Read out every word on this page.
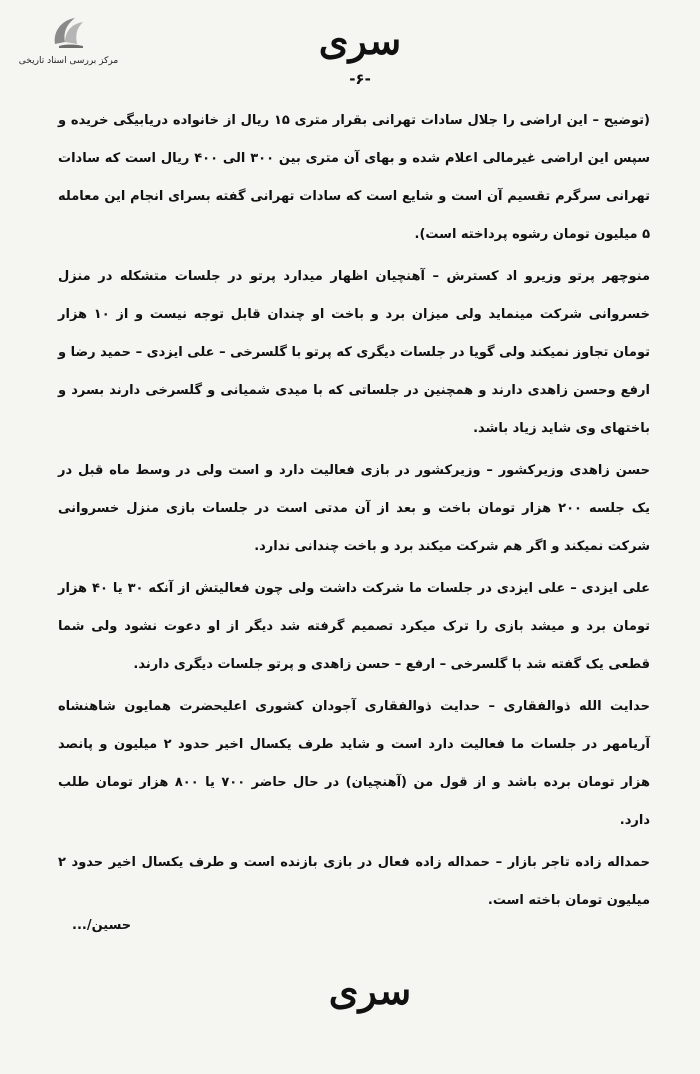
مرکز بررسی اسناد تاریخی	سری
-۶-

(توضیح – این اراضی را جلال سادات تهرانی بقرار متری ۱۵ ریال از خانواده دریابیگی خریده و سپس این اراضی غیرمالی اعلام شده و بهای آن متری بین ۳۰۰ الی ۴۰۰ ریال است که سادات تهرانی سرگرم تقسیم آن است و شایع است که سادات تهرانی گفته بسرای انجام این معامله ۵ میلیون تومان رشوه پرداخته است).

منوچهر پرتو وزیرو اد کسترش – آهنچیان اظهار میدارد پرتو در جلسات متشکله در منزل خسروانی شرکت مینماید ولی میزان برد و باخت او چندان قابل توجه نیست و از ۱۰ هزار تومان تجاوز نمیکند ولی گویا در جلسات دیگری که پرتو با گلسرخی – علی ایزدی – حمید رضا و ارفع وحسن زاهدی دارند و همچنین در جلساتی که با میدی شمیانی و گلسرخی دارند بسرد و باختهای وی شاید زیاد باشد.

حسن زاهدی وزیرکشور – وزیرکشور در بازی فعالیت دارد و است ولی در وسط ماه قبل در یک جلسه ۲۰۰ هزار تومان باخت و بعد از آن مدتی است در جلسات بازی منزل خسروانی شرکت نمیکند و اگر هم شرکت میکند برد و باخت چندانی ندارد.

علی ایزدی – علی ایزدی در جلسات ما شرکت داشت ولی چون فعالیتش از آنکه ۳۰ یا ۴۰ هزار تومان برد و میشد بازی را ترک میکرد تصمیم گرفته شد دیگر از او دعوت نشود ولی شما قطعی یک گفته شد با گلسرخی – ارفع – حسن زاهدی و پرتو جلسات دیگری دارند.

حدایت الله ذوالفقاری – حدایت ذوالفقاری آجودان کشوری اعلیحضرت همایون شاهنشاه آریامهر در جلسات ما فعالیت دارد است و شاید طرف یکسال اخیر حدود ۲ میلیون و پانصد هزار تومان برده باشد و از قول من (آهنچیان) در حال حاضر ۷۰۰ یا ۸۰۰ هزار تومان طلب دارد.

حمداله زاده تاجر بازار – حمداله زاده فعال در بازی بازنده است و طرف یکسال اخیر حدود ۲ میلیون تومان باخته است.

حسین/...
سری
